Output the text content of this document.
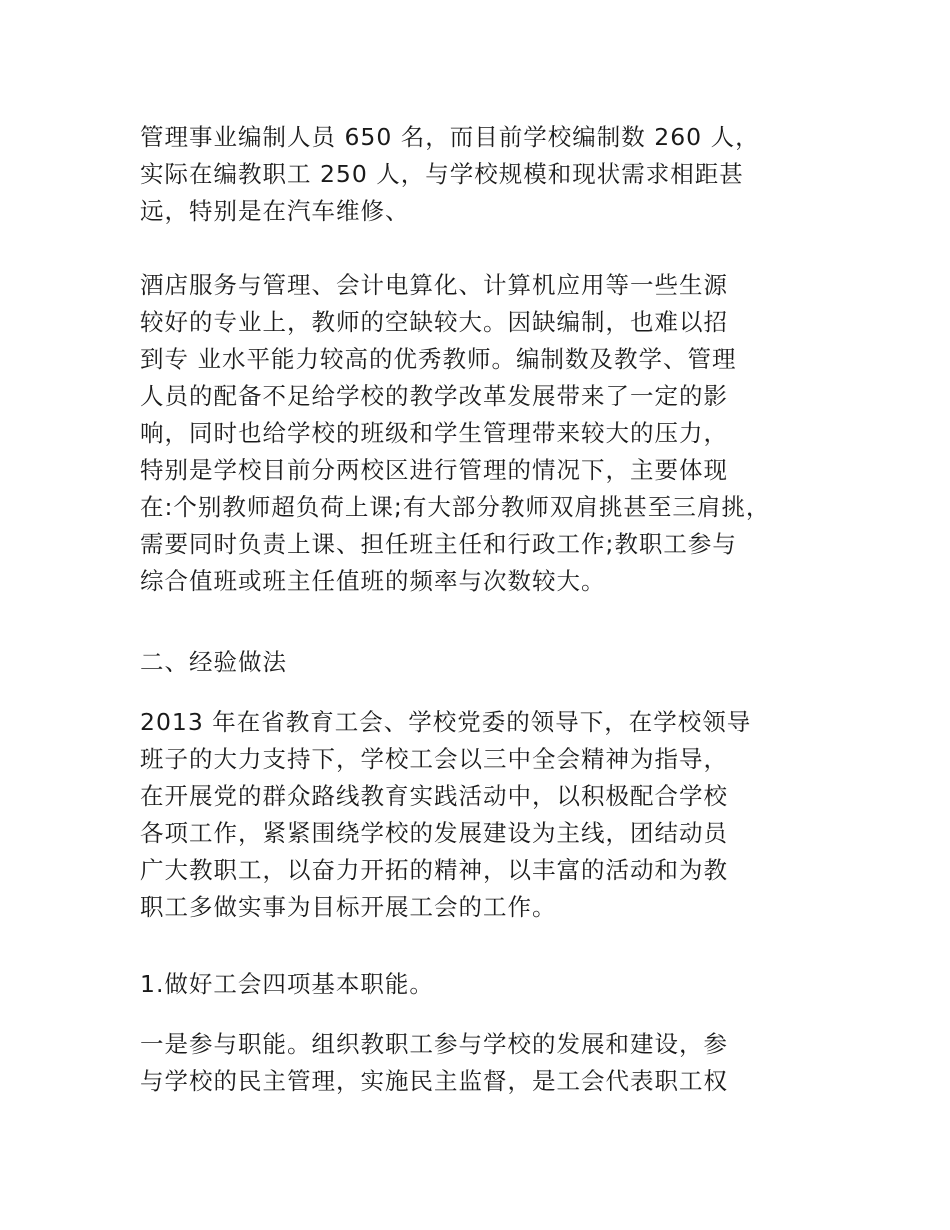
管理事业编制人员 650 名，而目前学校编制数 260 人，
实际在编教职工 250 人，与学校规模和现状需求相距甚
远，特别是在汽车维修、

酒店服务与管理、会计电算化、计算机应用等一些生源
较好的专业上，教师的空缺较大。因缺编制，也难以招
到专 业水平能力较高的优秀教师。编制数及教学、管理
人员的配备不足给学校的教学改革发展带来了一定的影
响，同时也给学校的班级和学生管理带来较大的压力，
特别是学校目前分两校区进行管理的情况下，主要体现
在:个别教师超负荷上课;有大部分教师双肩挑甚至三肩挑，
需要同时负责上课、担任班主任和行政工作;教职工参与
综合值班或班主任值班的频率与次数较大。

二、经验做法

2013 年在省教育工会、学校党委的领导下，在学校领导
班子的大力支持下，学校工会以三中全会精神为指导，
在开展党的群众路线教育实践活动中，以积极配合学校
各项工作，紧紧围绕学校的发展建设为主线，团结动员
广大教职工，以奋力开拓的精神，以丰富的活动和为教
职工多做实事为目标开展工会的工作。

1.做好工会四项基本职能。

一是参与职能。组织教职工参与学校的发展和建设，参
与学校的民主管理，实施民主监督，是工会代表职工权
